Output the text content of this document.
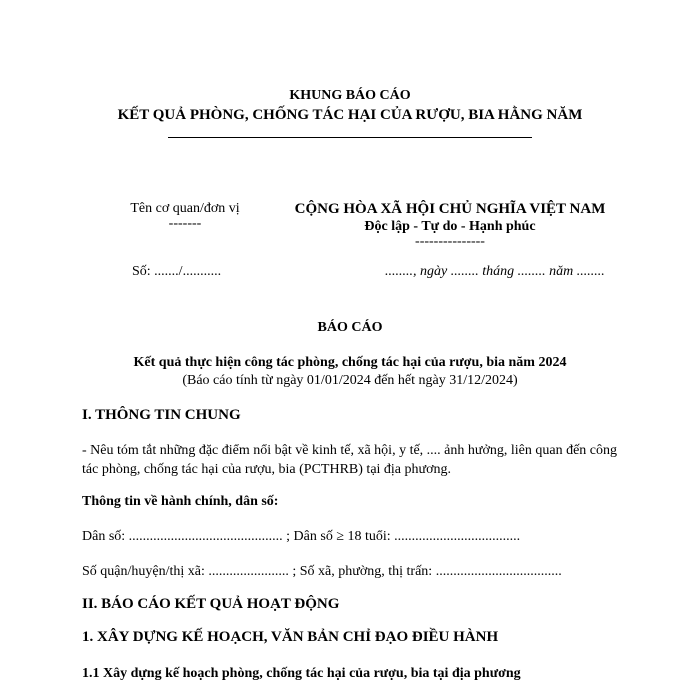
KHUNG BÁO CÁO
KẾT QUẢ PHÒNG, CHỐNG TÁC HẠI CỦA RƯỢU, BIA HẰNG NĂM
Tên cơ quan/đơn vị
-------
CỘNG HÒA XÃ HỘI CHỦ NGHĨA VIỆT NAM
Độc lập - Tự do - Hạnh phúc
---------------
Số: ......./...........	........, ngày ........ tháng ........ năm ........
BÁO CÁO
Kết quả thực hiện công tác phòng, chống tác hại của rượu, bia năm 2024
(Báo cáo tính từ ngày 01/01/2024 đến hết ngày 31/12/2024)
I. THÔNG TIN CHUNG
- Nêu tóm tắt những đặc điểm nổi bật về kinh tế, xã hội, y tế, .... ảnh hưởng, liên quan đến công tác phòng, chống tác hại của rượu, bia (PCTHRB) tại địa phương.
Thông tin về hành chính, dân số:
Dân số: ............................................ ; Dân số ≥ 18 tuổi: ....................................
Số quận/huyện/thị xã: ....................... ; Số xã, phường, thị trấn: ....................................
II. BÁO CÁO KẾT QUẢ HOẠT ĐỘNG
1. XÂY DỰNG KẾ HOẠCH, VĂN BẢN CHỈ ĐẠO ĐIỀU HÀNH
1.1 Xây dựng kế hoạch phòng, chống tác hại của rượu, bia tại địa phương
